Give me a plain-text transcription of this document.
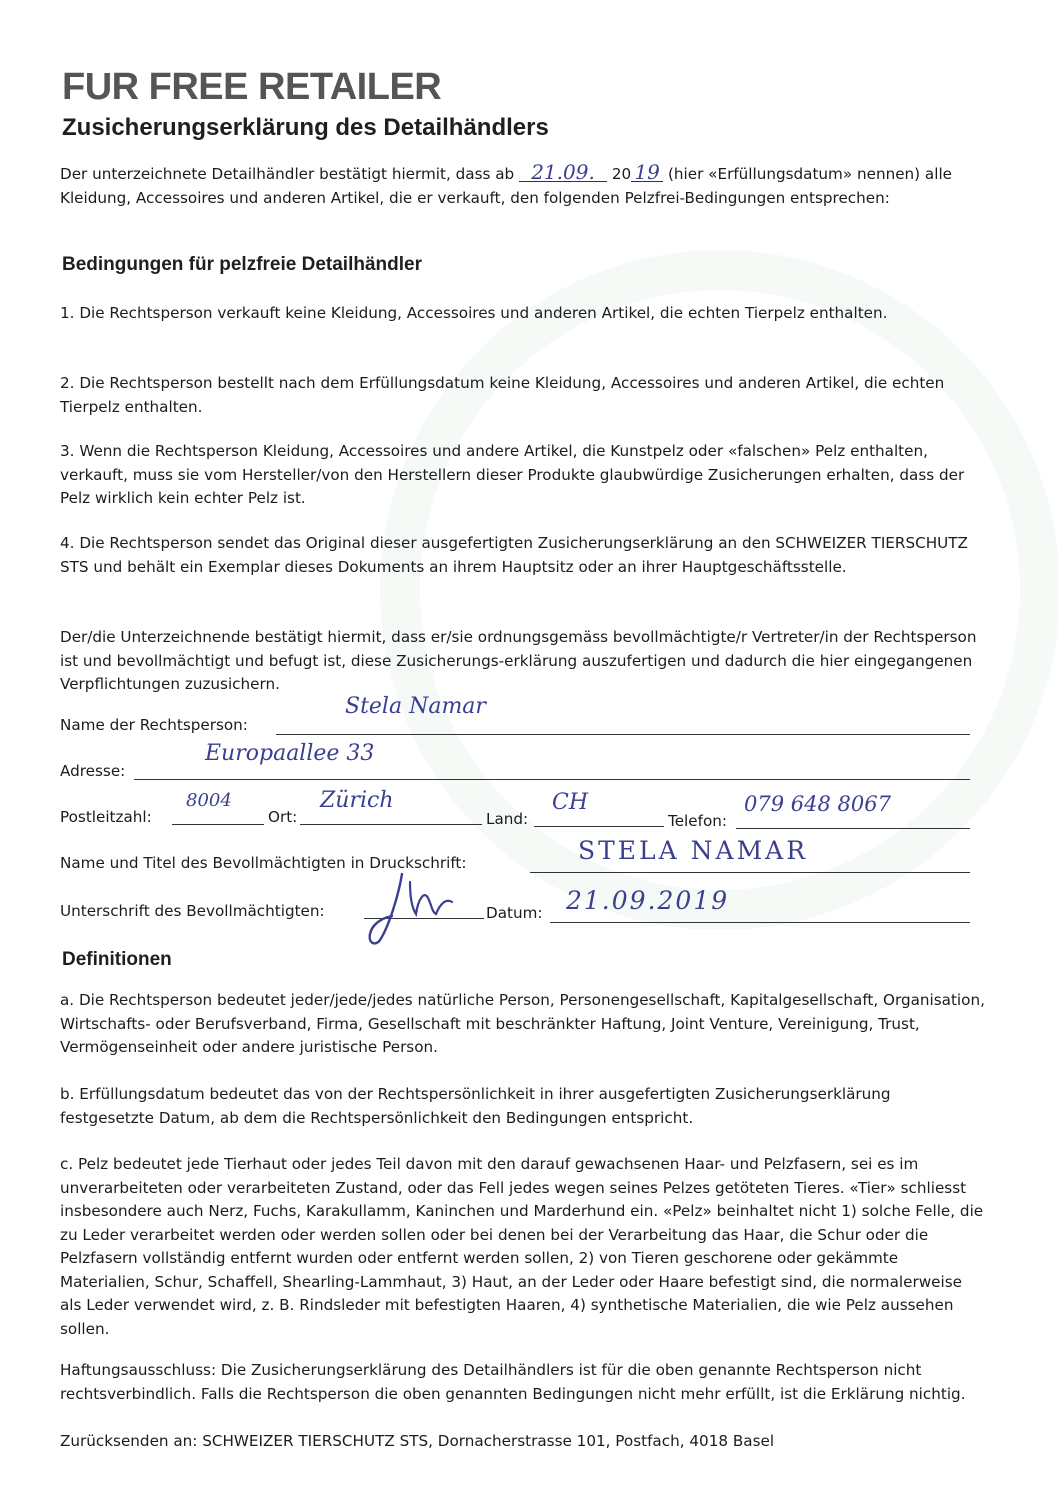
FUR FREE RETAILER
Zusicherungserklärung des Detailhändlers

Der unterzeichnete Detailhändler bestätigt hiermit, dass ab 21.09. 20 19 (hier «Erfüllungsdatum» nennen) alle Kleidung, Accessoires und anderen Artikel, die er verkauft, den folgenden Pelzfrei-Bedingungen entsprechen:

Bedingungen für pelzfreie Detailhändler

1. Die Rechtsperson verkauft keine Kleidung, Accessoires und anderen Artikel, die echten Tierpelz enthalten.

2. Die Rechtsperson bestellt nach dem Erfüllungsdatum keine Kleidung, Accessoires und anderen Artikel, die echten Tierpelz enthalten.

3. Wenn die Rechtsperson Kleidung, Accessoires und andere Artikel, die Kunstpelz oder «falschen» Pelz enthalten, verkauft, muss sie vom Hersteller/von den Herstellern dieser Produkte glaubwürdige Zusicherungen erhalten, dass der Pelz wirklich kein echter Pelz ist.

4. Die Rechtsperson sendet das Original dieser ausgefertigten Zusicherungserklärung an den SCHWEIZER TIERSCHUTZ STS und behält ein Exemplar dieses Dokuments an ihrem Hauptsitz oder an ihrer Hauptgeschäftsstelle.

Der/die Unterzeichnende bestätigt hiermit, dass er/sie ordnungsgemäss bevollmächtigte/r Vertreter/in der Rechtsperson ist und bevollmächtigt und befugt ist, diese Zusicherungs-erklärung auszufertigen und dadurch die hier eingegangenen Verpflichtungen zuzusichern.

Name der Rechtsperson:
Stela Namar
Adresse:
Europaallee 33
Postleitzahl:
8004
Ort:
Zürich
Land:
CH
Telefon:
079 648 8067
Name und Titel des Bevollmächtigten in Druckschrift:	STELA NAMAR
Unterschrift des Bevollmächtigten:	Datum: 21.09.2019
Definitionen

a. Die Rechtsperson bedeutet jeder/jede/jedes natürliche Person, Personengesellschaft, Kapitalgesellschaft, Organisation, Wirtschafts- oder Berufsverband, Firma, Gesellschaft mit beschränkter Haftung, Joint Venture, Vereinigung, Trust, Vermögenseinheit oder andere juristische Person.

b. Erfüllungsdatum bedeutet das von der Rechtspersönlichkeit in ihrer ausgefertigten Zusicherungserklärung festgesetzte Datum, ab dem die Rechtspersönlichkeit den Bedingungen entspricht.

c. Pelz bedeutet jede Tierhaut oder jedes Teil davon mit den darauf gewachsenen Haar- und Pelzfasern, sei es im unverarbeiteten oder verarbeiteten Zustand, oder das Fell jedes wegen seines Pelzes getöteten Tieres. «Tier» schliesst insbesondere auch Nerz, Fuchs, Karakullamm, Kaninchen und Marderhund ein. «Pelz» beinhaltet nicht 1) solche Felle, die zu Leder verarbeitet werden oder werden sollen oder bei denen bei der Verarbeitung das Haar, die Schur oder die Pelzfasern vollständig entfernt wurden oder entfernt werden sollen, 2) von Tieren geschorene oder gekämmte Materialien, Schur, Schaffell, Shearling-Lammhaut, 3) Haut, an der Leder oder Haare befestigt sind, die normalerweise als Leder verwendet wird, z. B. Rindsleder mit befestigten Haaren, 4) synthetische Materialien, die wie Pelz aussehen sollen.

Haftungsausschluss: Die Zusicherungserklärung des Detailhändlers ist für die oben genannte Rechtsperson nicht rechtsverbindlich. Falls die Rechtsperson die oben genannten Bedingungen nicht mehr erfüllt, ist die Erklärung nichtig.

Zurücksenden an: SCHWEIZER TIERSCHUTZ STS, Dornacherstrasse 101, Postfach, 4018 Basel
